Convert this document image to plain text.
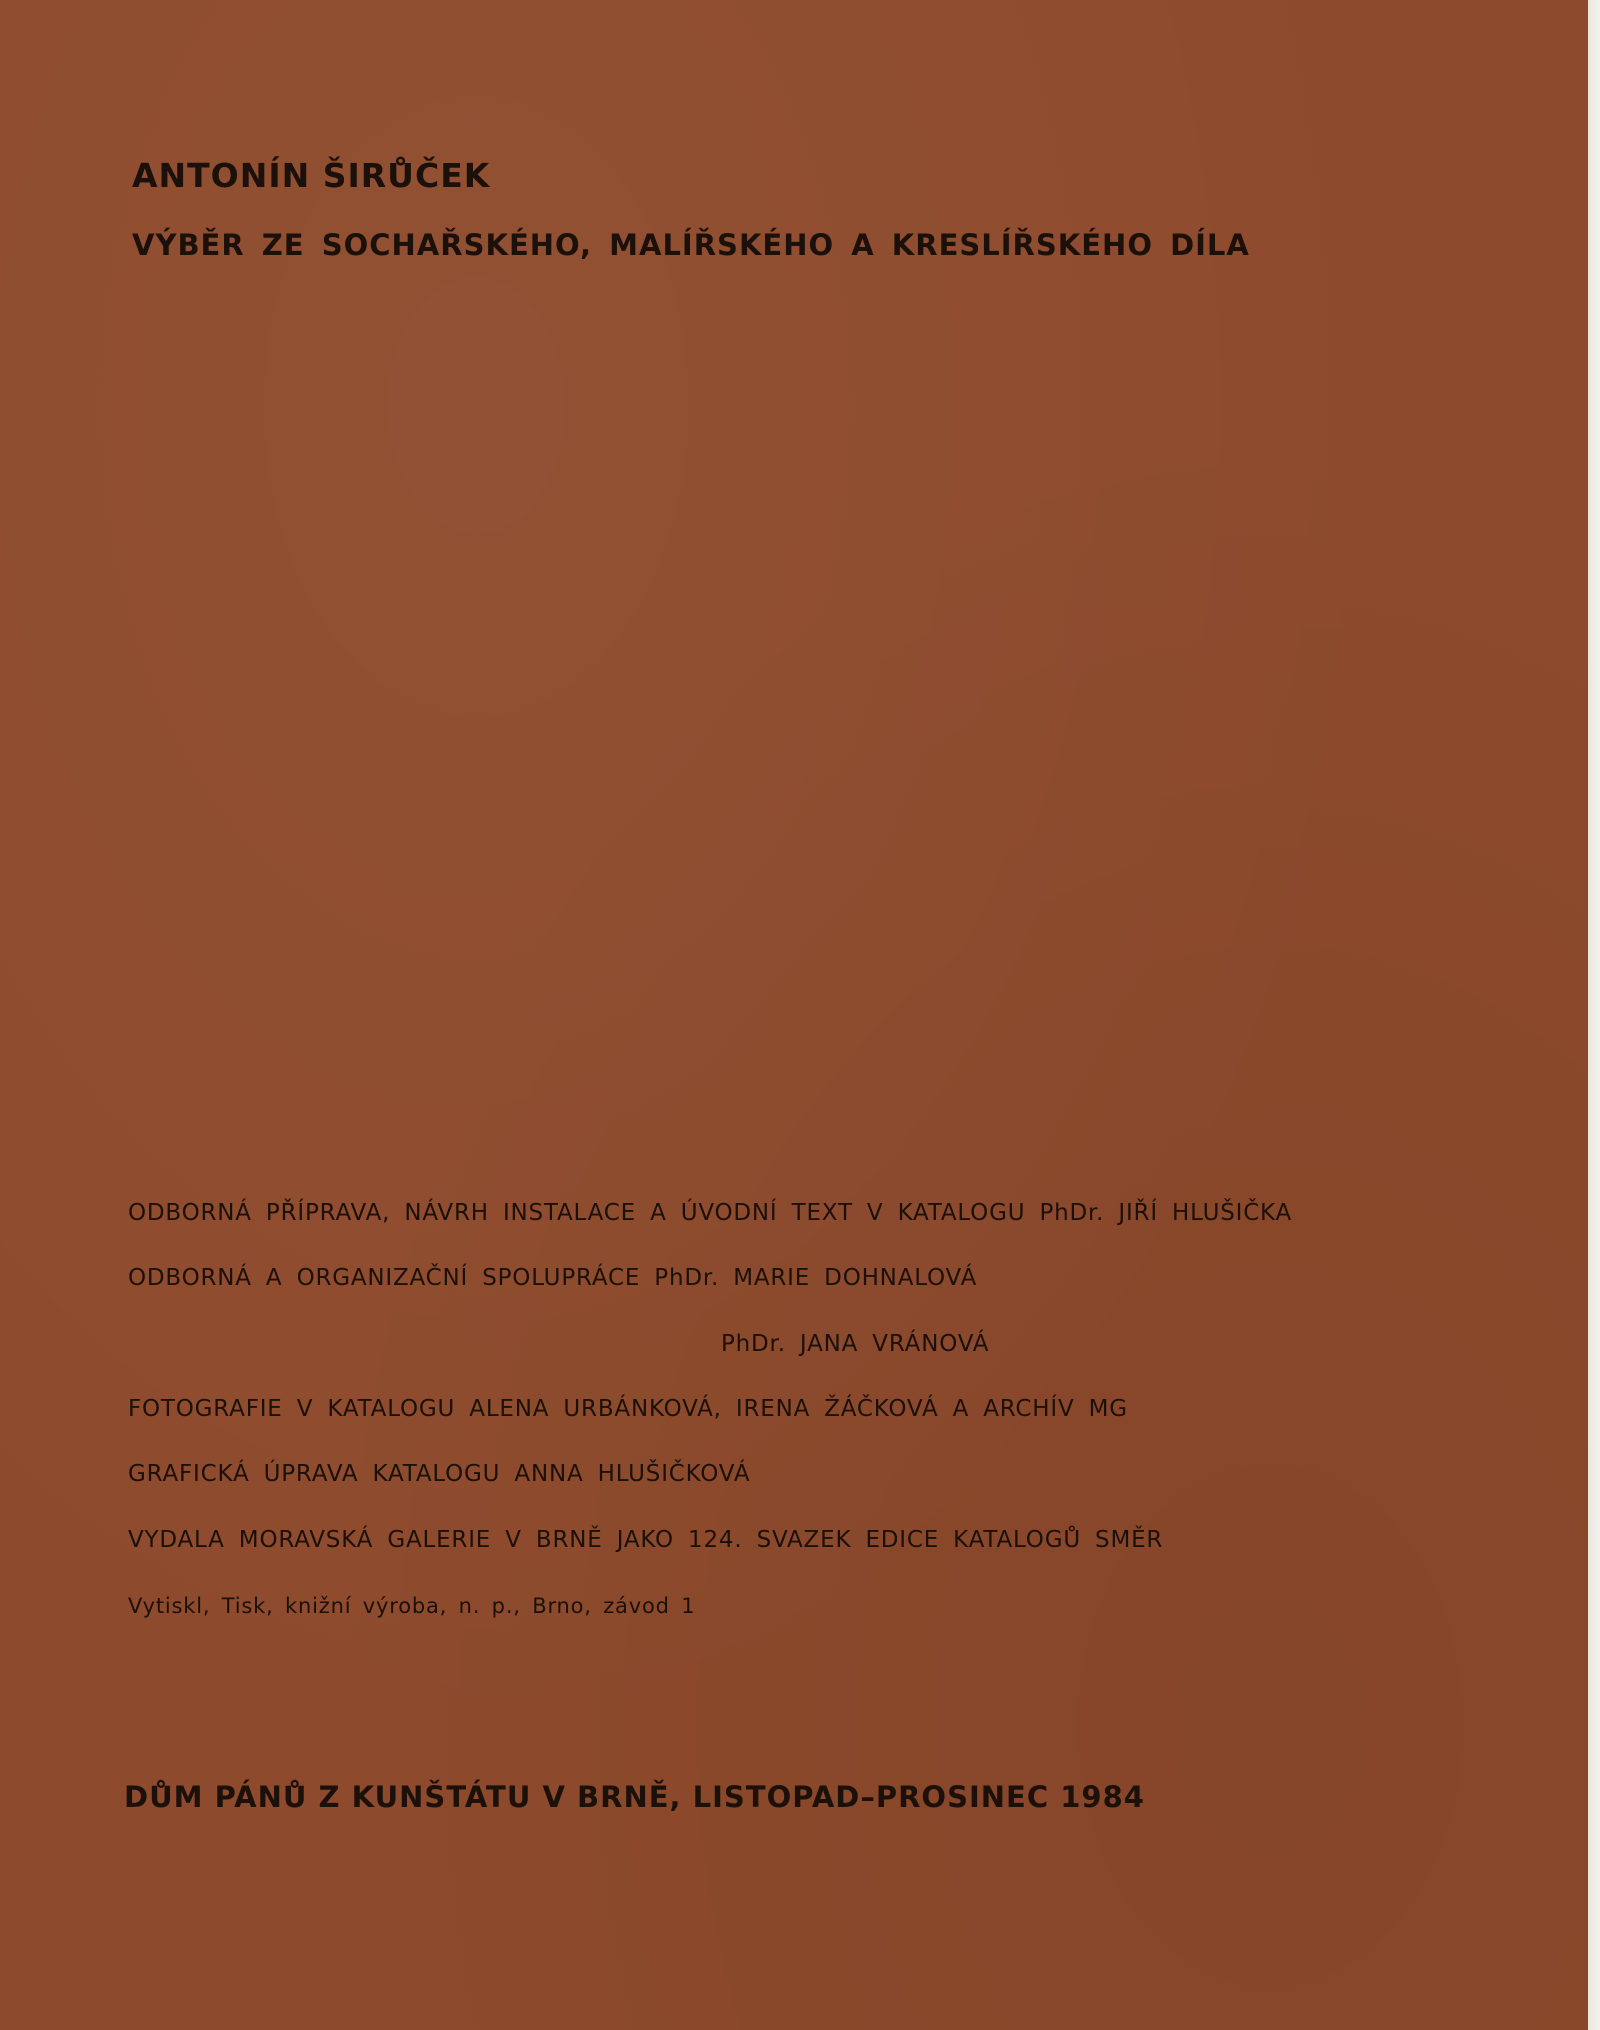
ANTONÍN ŠIRŮČEK
VÝBĚR ZE SOCHAŘSKÉHO, MALÍŘSKÉHO A KRESLÍŘSKÉHO DÍLA
ODBORNÁ PŘÍPRAVA, NÁVRH INSTALACE A ÚVODNÍ TEXT V KATALOGU PhDr. JIŘÍ HLUŠIČKA
ODBORNÁ A ORGANIZAČNÍ SPOLUPRÁCE PhDr. MARIE DOHNALOVÁ
PhDr. JANA VRÁNOVÁ
FOTOGRAFIE V KATALOGU ALENA URBÁNKOVÁ, IRENA ŽÁČKOVÁ A ARCHÍV MG
GRAFICKÁ ÚPRAVA KATALOGU ANNA HLUŠIČKOVÁ
VYDALA MORAVSKÁ GALERIE V BRNĚ JAKO 124. SVAZEK EDICE KATALOGŮ SMĚR
Vytiskl, Tisk, knižní výroba, n. p., Brno, závod 1
DŮM PÁNŮ Z KUNŠTÁTU V BRNĚ, LISTOPAD–PROSINEC 1984
